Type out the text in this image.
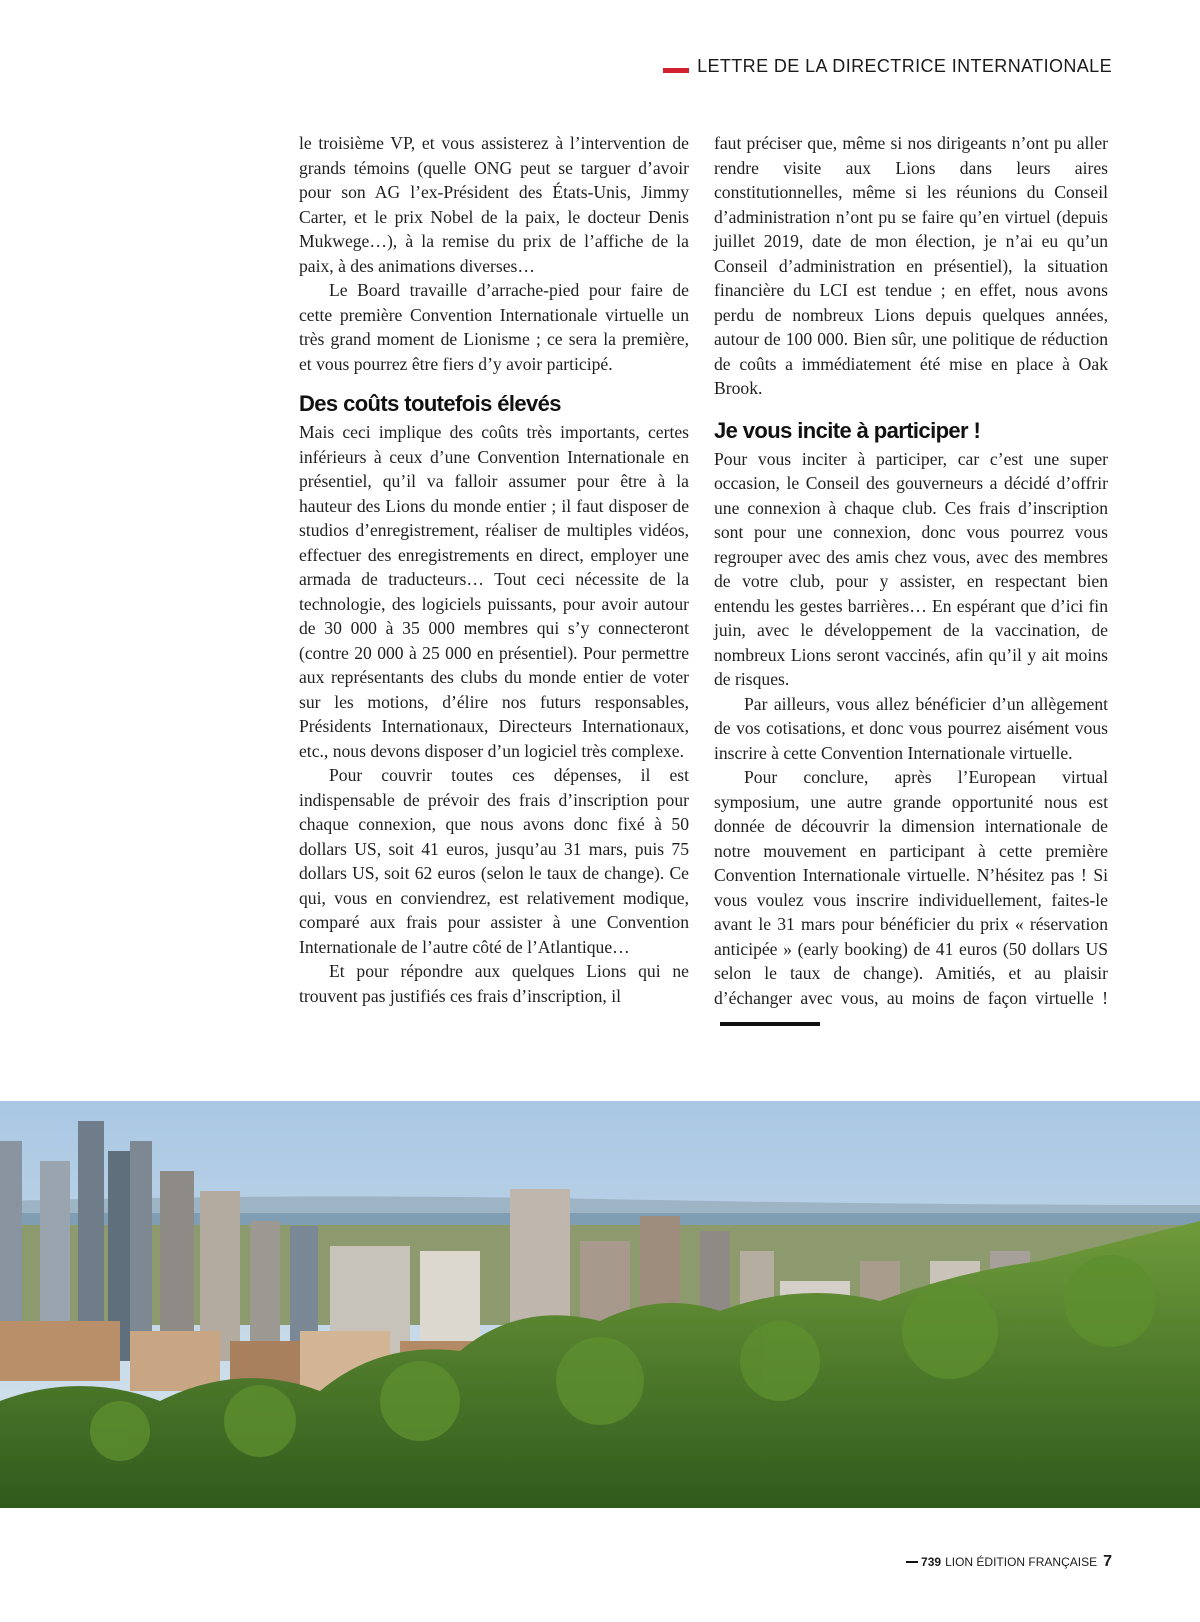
LETTRE DE LA DIRECTRICE INTERNATIONALE

le troisième VP, et vous assisterez à l’intervention de grands témoins (quelle ONG peut se targuer d’avoir pour son AG l’ex-Président des États-Unis, Jimmy Carter, et le prix Nobel de la paix, le docteur Denis Mukwege…), à la remise du prix de l’affiche de la paix, à des animations diverses…

Le Board travaille d’arrache-pied pour faire de cette première Convention Internationale virtuelle un très grand moment de Lionisme ; ce sera la première, et vous pourrez être fiers d’y avoir participé.

Des coûts toutefois élevés

Mais ceci implique des coûts très importants, certes inférieurs à ceux d’une Convention Internationale en présentiel, qu’il va falloir assumer pour être à la hauteur des Lions du monde entier ; il faut disposer de studios d’enregistrement, réaliser de multiples vidéos, effectuer des enregistrements en direct, employer une armada de traducteurs… Tout ceci nécessite de la technologie, des logiciels puissants, pour avoir autour de 30 000 à 35 000 membres qui s’y connecteront (contre 20 000 à 25 000 en présentiel). Pour permettre aux représentants des clubs du monde entier de voter sur les motions, d’élire nos futurs responsables, Présidents Internationaux, Directeurs Internationaux, etc., nous devons disposer d’un logiciel très complexe.

Pour couvrir toutes ces dépenses, il est indispensable de prévoir des frais d’inscription pour chaque connexion, que nous avons donc fixé à 50 dollars US, soit 41 euros, jusqu’au 31 mars, puis 75 dollars US, soit 62 euros (selon le taux de change). Ce qui, vous en conviendrez, est relativement modique, comparé aux frais pour assister à une Convention Internationale de l’autre côté de l’Atlantique…

Et pour répondre aux quelques Lions qui ne trouvent pas justifiés ces frais d’inscription, il

faut préciser que, même si nos dirigeants n’ont pu aller rendre visite aux Lions dans leurs aires constitutionnelles, même si les réunions du Conseil d’administration n’ont pu se faire qu’en virtuel (depuis juillet 2019, date de mon élection, je n’ai eu qu’un Conseil d’administration en présentiel), la situation financière du LCI est tendue ; en effet, nous avons perdu de nombreux Lions depuis quelques années, autour de 100 000. Bien sûr, une politique de réduction de coûts a immédiatement été mise en place à Oak Brook.

Je vous incite à participer !

Pour vous inciter à participer, car c’est une super occasion, le Conseil des gouverneurs a décidé d’offrir une connexion à chaque club. Ces frais d’inscription sont pour une connexion, donc vous pourrez vous regrouper avec des amis chez vous, avec des membres de votre club, pour y assister, en respectant bien entendu les gestes barrières… En espérant que d’ici fin juin, avec le développement de la vaccination, de nombreux Lions seront vaccinés, afin qu’il y ait moins de risques.

Par ailleurs, vous allez bénéficier d’un allègement de vos cotisations, et donc vous pourrez aisément vous inscrire à cette Convention Internationale virtuelle.

Pour conclure, après l’European virtual symposium, une autre grande opportunité nous est donnée de découvrir la dimension internationale de notre mouvement en participant à cette première Convention Internationale virtuelle. N’hésitez pas ! Si vous voulez vous inscrire individuellement, faites-le avant le 31 mars pour bénéficier du prix « réservation anticipée » (early booking) de 41 euros (50 dollars US selon le taux de change). Amitiés, et au plaisir d’échanger avec vous, au moins de façon virtuelle !

739 LION ÉDITION FRANÇAISE 7
